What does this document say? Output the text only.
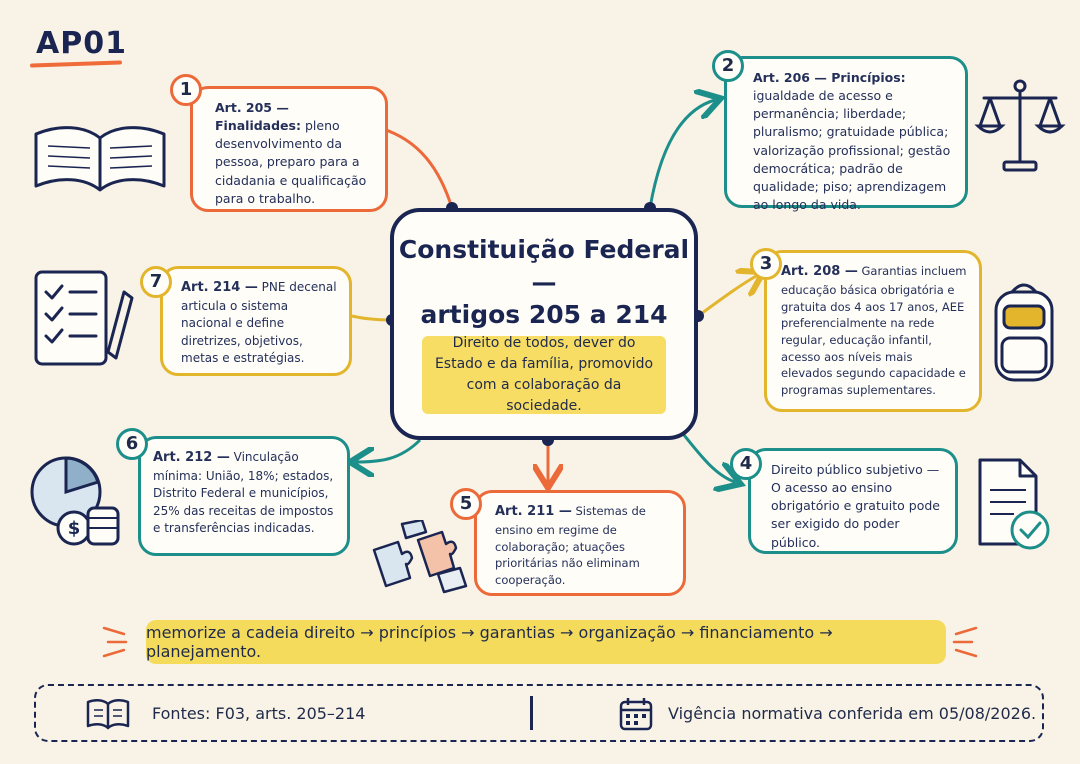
AP01
Constituição Federal —
artigos 205 a 214
Direito de todos, dever do Estado e da família, promovido com a colaboração da sociedade.
Art. 205 — Finalidades: pleno desenvolvimento da pessoa, preparo para a cidadania e qualificação para o trabalho.
1
Art. 206 — Princípios: igualdade de acesso e permanência; liberdade; pluralismo; gratuidade pública; valorização profissional; gestão democrática; padrão de qualidade; piso; aprendizagem ao longo da vida.
2
Art. 208 — Garantias incluem educação básica obrigatória e gratuita dos 4 aos 17 anos, AEE preferencialmente na rede regular, educação infantil, acesso aos níveis mais elevados segundo capacidade e programas suplementares.
3
Direito público subjetivo — O acesso ao ensino obrigatório e gratuito pode ser exigido do poder público.
4
Art. 211 — Sistemas de ensino em regime de colaboração; atuações prioritárias não eliminam cooperação.
5
Art. 212 — Vinculação mínima: União, 18%; estados, Distrito Federal e municípios, 25% das receitas de impostos e transferências indicadas.
6
Art. 214 — PNE decenal articula o sistema nacional e define diretrizes, objetivos, metas e estratégias.
7
$
memorize a cadeia direito → princípios → garantias → organização → financiamento → planejamento.
Fontes: F03, arts. 205–214	Vigência normativa conferida em 05/08/2026.
